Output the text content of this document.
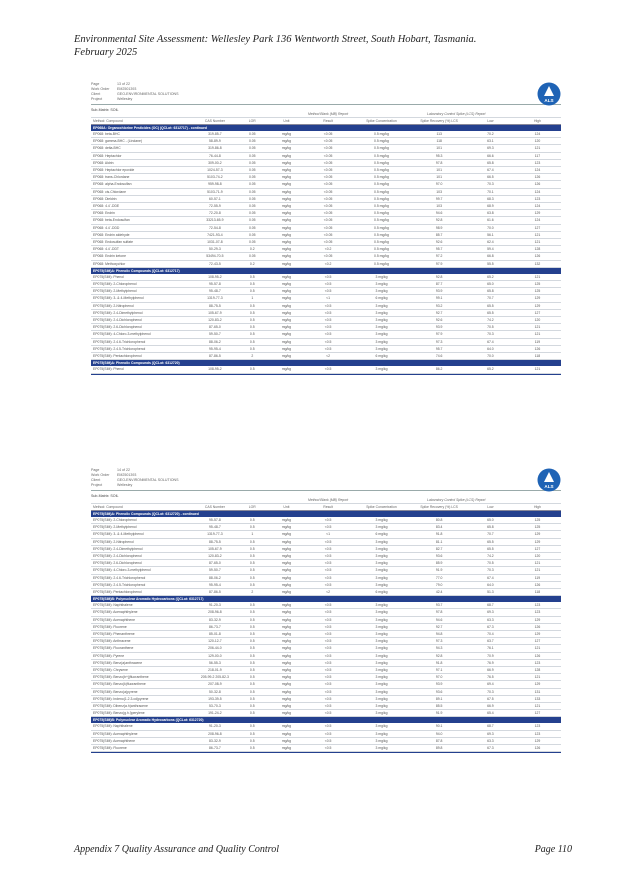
Environmental Site Assessment: Wellesley Park 136 Wentworth Street, South Hobart, Tasmania.
February 2025
Page	13 of 22
Work Order	EM2501393
Client	GEO-ENVIRONMENTAL SOLUTIONS
Project	Wellesley	ALS
Sub-Matrix: SOIL
				Method Blank (MB) Report	Laboratory Control Spike (LCS) Report			
Method: Compound	CAS Number	LOR	Unit	Result	Spike Concentration	Spike Recovery (%) LCS	Low	High
EP068A: Organochlorine Pesticides (OC) (QCLot: 6312717) - continued								
EP068: beta-BHC	319-85-7	0.05	mg/kg	<0.05	0.5 mg/kg	113	70.2	124
EP068: gamma-BHC - (Lindane)	58-89-9	0.05	mg/kg	<0.05	0.5 mg/kg	118	63.1	120
EP068: delta-BHC	319-86-8	0.05	mg/kg	<0.05	0.5 mg/kg	101	69.3	121
EP068: Heptachlor	76-44-8	0.05	mg/kg	<0.05	0.5 mg/kg	95.3	66.6	117
EP068: Aldrin	309-00-2	0.05	mg/kg	<0.05	0.5 mg/kg	97.8	65.8	123
EP068: Heptachlor epoxide	1024-57-3	0.05	mg/kg	<0.05	0.5 mg/kg	101	67.4	124
EP068: trans-Chlordane	5103-74-2	0.05	mg/kg	<0.05	0.5 mg/kg	101	66.5	126
EP068: alpha-Endosulfan	959-98-8	0.05	mg/kg	<0.05	0.5 mg/kg	97.0	70.3	126
EP068: cis-Chlordane	5103-71-9	0.05	mg/kg	<0.05	0.5 mg/kg	103	70.1	124
EP068: Dieldrin	60-57-1	0.05	mg/kg	<0.05	0.5 mg/kg	99.7	68.3	123
EP068: 4.4`-DDE	72-55-9	0.05	mg/kg	<0.05	0.5 mg/kg	103	68.9	124
EP068: Endrin	72-20-8	0.05	mg/kg	<0.05	0.5 mg/kg	94.6	63.8	129
EP068: beta-Endosulfan	33213-65-9	0.05	mg/kg	<0.05	0.5 mg/kg	92.8	61.6	124
EP068: 4.4`-DDD	72-54-8	0.05	mg/kg	<0.05	0.5 mg/kg	98.9	70.0	127
EP068: Endrin aldehyde	7421-93-4	0.05	mg/kg	<0.05	0.5 mg/kg	85.7	56.1	121
EP068: Endosulfan sulfate	1031-07-8	0.05	mg/kg	<0.05	0.5 mg/kg	92.6	62.4	121
EP068: 4.4`-DDT	50-29-3	0.2	mg/kg	<0.2	0.5 mg/kg	95.7	59.4	128
EP068: Endrin ketone	53494-70-5	0.05	mg/kg	<0.05	0.5 mg/kg	97.2	66.8	126
EP068: Methoxychlor	72-43-5	0.2	mg/kg	<0.2	0.5 mg/kg	97.9	55.5	132
EP075(SIM)A: Phenolic Compounds (QCLot: 6312717)								
EP075(SIM): Phenol	108-95-2	0.5	mg/kg	<0.5	3 mg/kg	92.8	65.2	121
EP075(SIM): 2-Chlorophenol	95-57-8	0.5	mg/kg	<0.5	3 mg/kg	87.7	65.0	125
EP075(SIM): 2-Methylphenol	95-48-7	0.5	mg/kg	<0.5	3 mg/kg	93.9	65.8	125
EP075(SIM): 3- & 4-Methylphenol	1319-77-3	1	mg/kg	<1	6 mg/kg	99.1	70.7	129
EP075(SIM): 2-Nitrophenol	88-75-5	0.5	mg/kg	<0.5	3 mg/kg	93.2	65.5	129
EP075(SIM): 2.4-Dimethylphenol	105-67-9	0.5	mg/kg	<0.5	3 mg/kg	92.7	65.5	127
EP075(SIM): 2.4-Dichlorophenol	120-83-2	0.5	mg/kg	<0.5	3 mg/kg	92.6	74.2	120
EP075(SIM): 2.6-Dichlorophenol	87-65-0	0.5	mg/kg	<0.5	3 mg/kg	93.9	70.5	121
EP075(SIM): 4-Chloro-3-methylphenol	59-50-7	0.5	mg/kg	<0.5	3 mg/kg	97.9	70.3	121
EP075(SIM): 2.4.6-Trichlorophenol	88-06-2	0.5	mg/kg	<0.5	3 mg/kg	97.3	67.4	119
EP075(SIM): 2.4.5-Trichlorophenol	95-95-4	0.5	mg/kg	<0.5	3 mg/kg	95.7	64.0	126
EP075(SIM): Pentachlorophenol	87-86-5	2	mg/kg	<2	6 mg/kg	74.6	70.0	118
EP075(SIM)A: Phenolic Compounds (QCLot: 6312720)								
EP075(SIM): Phenol	108-95-2	0.5	mg/kg	<0.5	3 mg/kg	86.2	65.2	121

Page	14 of 22
Work Order	EM2501393
Client	GEO-ENVIRONMENTAL SOLUTIONS
Project	Wellesley	ALS
Sub-Matrix: SOIL
				Method Blank (MB) Report	Laboratory Control Spike (LCS) Report			
Method: Compound	CAS Number	LOR	Unit	Result	Spike Concentration	Spike Recovery (%) LCS	Low	High
EP075(SIM)A: Phenolic Compounds (QCLot: 6312720) - continued								
EP075(SIM): 2-Chlorophenol	95-57-8	0.5	mg/kg	<0.5	3 mg/kg	80.8	65.0	125
EP075(SIM): 2-Methylphenol	95-48-7	0.5	mg/kg	<0.5	3 mg/kg	83.4	65.8	125
EP075(SIM): 3- & 4-Methylphenol	1319-77-3	1	mg/kg	<1	6 mg/kg	91.8	70.7	129
EP075(SIM): 2-Nitrophenol	88-75-5	0.5	mg/kg	<0.5	3 mg/kg	81.1	65.5	129
EP075(SIM): 2.4-Dimethylphenol	105-67-9	0.5	mg/kg	<0.5	3 mg/kg	82.7	65.5	127
EP075(SIM): 2.4-Dichlorophenol	120-83-2	0.5	mg/kg	<0.5	3 mg/kg	93.6	74.2	120
EP075(SIM): 2.6-Dichlorophenol	87-65-0	0.5	mg/kg	<0.5	3 mg/kg	85.9	70.5	121
EP075(SIM): 4-Chloro-3-methylphenol	59-50-7	0.5	mg/kg	<0.5	3 mg/kg	91.9	70.3	121
EP075(SIM): 2.4.6-Trichlorophenol	88-06-2	0.5	mg/kg	<0.5	3 mg/kg	77.0	67.4	119
EP075(SIM): 2.4.5-Trichlorophenol	95-95-4	0.5	mg/kg	<0.5	3 mg/kg	79.0	64.0	126
EP075(SIM): Pentachlorophenol	87-86-5	2	mg/kg	<2	6 mg/kg	42.4	51.3	118
EP075(SIM)B: Polynuclear Aromatic Hydrocarbons (QCLot: 6312717)								
EP075(SIM): Naphthalene	91-20-3	0.5	mg/kg	<0.5	3 mg/kg	93.7	68.7	123
EP075(SIM): Acenaphthylene	208-96-8	0.5	mg/kg	<0.5	3 mg/kg	97.8	69.3	123
EP075(SIM): Acenaphthene	83-32-9	0.5	mg/kg	<0.5	3 mg/kg	94.6	63.3	129
EP075(SIM): Fluorene	86-73-7	0.5	mg/kg	<0.5	3 mg/kg	92.7	67.3	126
EP075(SIM): Phenanthrene	85-01-8	0.5	mg/kg	<0.5	3 mg/kg	94.8	70.4	129
EP075(SIM): Anthracene	120-12-7	0.5	mg/kg	<0.5	3 mg/kg	97.3	63.7	127
EP075(SIM): Fluoranthene	206-44-0	0.5	mg/kg	<0.5	3 mg/kg	94.3	76.1	121
EP075(SIM): Pyrene	129-00-0	0.5	mg/kg	<0.5	3 mg/kg	92.8	70.9	126
EP075(SIM): Benz(a)anthracene	56-55-3	0.5	mg/kg	<0.5	3 mg/kg	91.8	76.9	123
EP075(SIM): Chrysene	218-01-9	0.5	mg/kg	<0.5	3 mg/kg	97.1	66.9	128
EP075(SIM): Benzo(b+j)fluoranthene	205-99-2 205-82-3	0.5	mg/kg	<0.5	3 mg/kg	97.0	76.5	121
EP075(SIM): Benzo(k)fluoranthene	207-08-9	0.5	mg/kg	<0.5	3 mg/kg	93.9	69.4	129
EP075(SIM): Benzo(a)pyrene	50-32-8	0.5	mg/kg	<0.5	3 mg/kg	93.6	70.3	131
EP075(SIM): Indeno(1.2.3.cd)pyrene	193-39-5	0.5	mg/kg	<0.5	3 mg/kg	89.1	67.5	133
EP075(SIM): Dibenz(a.h)anthracene	53-70-3	0.5	mg/kg	<0.5	3 mg/kg	85.5	66.9	121
EP075(SIM): Benzo(g.h.i)perylene	191-24-2	0.5	mg/kg	<0.5	3 mg/kg	91.9	65.4	127
EP075(SIM)B: Polynuclear Aromatic Hydrocarbons (QCLot: 6312720)								
EP075(SIM): Naphthalene	91-20-3	0.5	mg/kg	<0.5	3 mg/kg	90.1	68.7	123
EP075(SIM): Acenaphthylene	208-96-8	0.5	mg/kg	<0.5	3 mg/kg	94.0	69.3	123
EP075(SIM): Acenaphthene	83-32-9	0.5	mg/kg	<0.5	3 mg/kg	87.8	63.3	129
EP075(SIM): Fluorene	86-73-7	0.5	mg/kg	<0.5	3 mg/kg	89.8	67.3	126

Appendix 7 Quality Assurance and Quality Control	Page 110
